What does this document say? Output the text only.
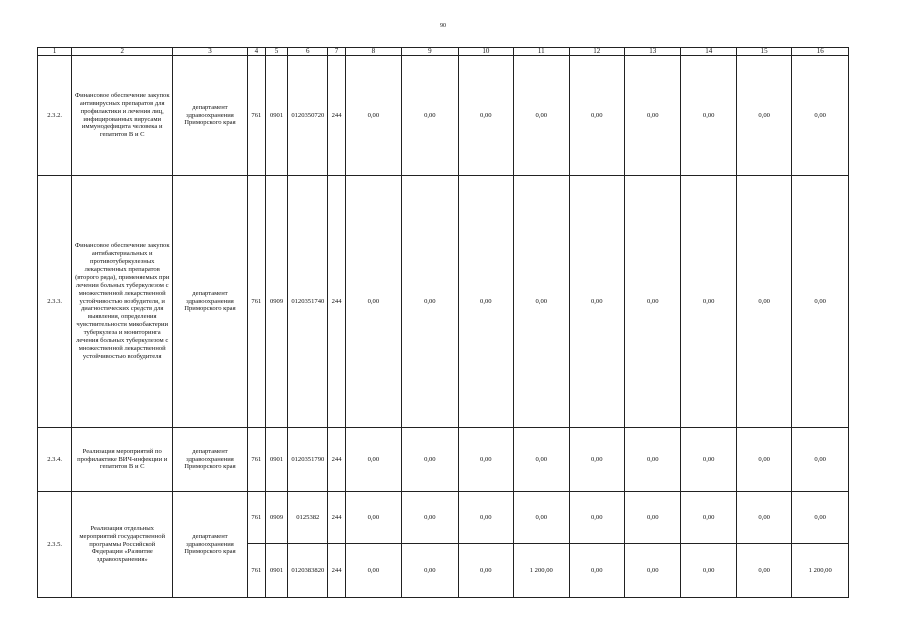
90
1	2	3	4	5	6	7	8	9	10	11	12	13	14	15	16
2.3.2.	Финансовое обеспечение закупок антивирусных препаратов для профилактики и лечения лиц, инфицированных вирусами иммунодефицита человека и гепатитов В и С	департамент здравоохранения Приморского края	761	0901	0120350720	244	0,00	0,00	0,00	0,00	0,00	0,00	0,00	0,00	0,00
2.3.3.	Финансовое обеспечение закупок антибактериальных и противотуберкулезных лекарственных препаратов (второго ряда), применяемых при лечении больных туберкулезом с множественной лекарственной устойчивостью возбудителя, и диагностических средств для выявления, определения чувствительности микобактерии туберкулеза и мониторинга лечения больных туберкулезом с множественной лекарственной устойчивостью возбудителя	департамент здравоохранения Приморского края	761	0909	0120351740	244	0,00	0,00	0,00	0,00	0,00	0,00	0,00	0,00	0,00
2.3.4.	Реализация мероприятий по профилактике ВИЧ-инфекции и гепатитов В и С	департамент здравоохранения Приморского края	761	0901	0120351790	244	0,00	0,00	0,00	0,00	0,00	0,00	0,00	0,00	0,00
2.3.5.	Реализация отдельных мероприятий государственной программы Российской Федерации «Развитие здравоохранения»	департамент здравоохранения Приморского края	761	0909	0125382	244	0,00	0,00	0,00	0,00	0,00	0,00	0,00	0,00	0,00
			761	0901	0120383820	244	0,00	0,00	0,00	1 200,00	0,00	0,00	0,00	0,00	1 200,00
